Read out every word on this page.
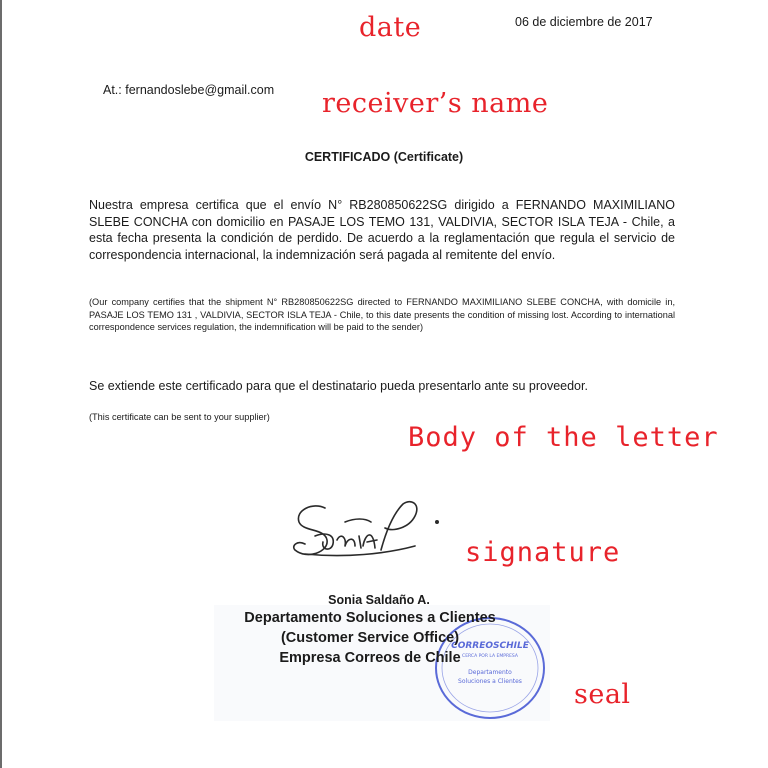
date
receiver’s name
Body of the letter
signature
seal
06 de diciembre de 2017
At.: fernandoslebe@gmail.com
CERTIFICADO (Certificate)
Nuestra empresa certifica que el envío N° RB280850622SG dirigido a FERNANDO MAXIMILIANO SLEBE CONCHA con domicilio en PASAJE LOS TEMO 131, VALDIVIA, SECTOR ISLA TEJA - Chile, a esta fecha presenta la condición de perdido. De acuerdo a la reglamentación que regula el servicio de correspondencia internacional, la indemnización será pagada al remitente del envío.
(Our company certifies that the shipment N° RB280850622SG directed to FERNANDO MAXIMILIANO SLEBE CONCHA, with domicile in, PASAJE LOS TEMO 131 , VALDIVIA, SECTOR ISLA TEJA - Chile, to this date presents the condition of missing lost. According to international correspondence services regulation, the indemnification will be paid to the sender)
Se extiende este certificado para que el destinatario pueda presentarlo ante su proveedor.
(This certificate can be sent to your supplier)
CORREOSCHILE
CERCA POR LA EMPRESA
Departamento
Soluciones a Clientes
Sonia Saldaño A.
Departamento Soluciones a Clientes
(Customer Service Office)
Empresa Correos de Chile
